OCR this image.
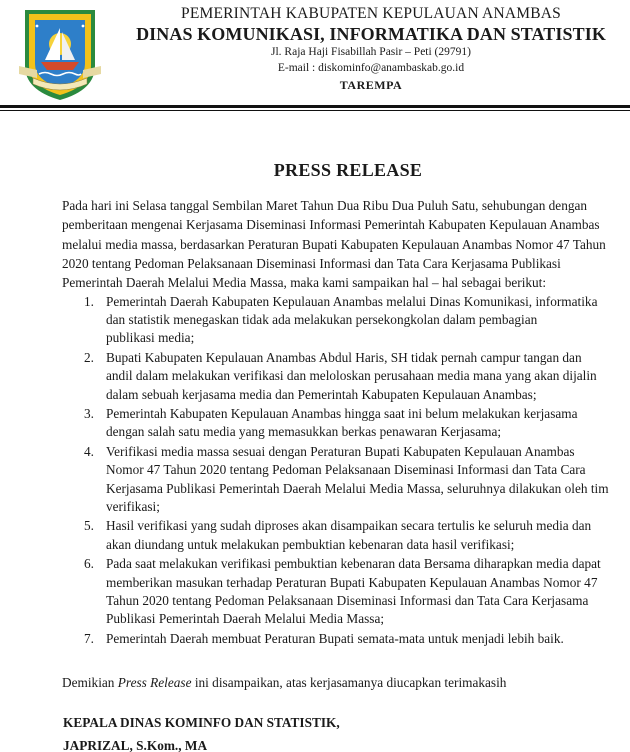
PEMERINTAH KABUPATEN KEPULAUAN ANAMBAS
DINAS KOMUNIKASI, INFORMATIKA DAN STATISTIK
Jl. Raja Haji Fisabillah Pasir – Peti (29791)
E-mail : diskominfo@anambaskab.go.id
TAREMPA
PRESS RELEASE
Pada hari ini Selasa tanggal Sembilan Maret Tahun Dua Ribu Dua Puluh Satu, sehubungan dengan
pemberitaan mengenai Kerjasama Diseminasi Informasi Pemerintah Kabupaten Kepulauan Anambas
melalui media massa, berdasarkan Peraturan Bupati Kabupaten Kepulauan Anambas Nomor 47 Tahun
2020 tentang Pedoman Pelaksanaan Diseminasi Informasi dan Tata Cara Kerjasama Publikasi
Pemerintah Daerah Melalui Media Massa, maka kami sampaikan hal – hal sebagai berikut:
1. Pemerintah Daerah Kabupaten Kepulauan Anambas melalui Dinas Komunikasi, informatika
dan statistik menegaskan tidak ada melakukan persekongkolan dalam pembagian
publikasi media;
2. Bupati Kabupaten Kepulauan Anambas Abdul Haris, SH tidak pernah campur tangan dan
andil dalam melakukan verifikasi dan meloloskan perusahaan media mana yang akan dijalin
dalam sebuah kerjasama media dan Pemerintah Kabupaten Kepulauan Anambas;
3. Pemerintah Kabupaten Kepulauan Anambas hingga saat ini belum melakukan kerjasama
dengan salah satu media yang memasukkan berkas penawaran Kerjasama;
4. Verifikasi media massa sesuai dengan Peraturan Bupati Kabupaten Kepulauan Anambas
Nomor 47 Tahun 2020 tentang Pedoman Pelaksanaan Diseminasi Informasi dan Tata Cara
Kerjasama Publikasi Pemerintah Daerah Melalui Media Massa, seluruhnya dilakukan oleh tim
verifikasi;
5. Hasil verifikasi yang sudah diproses akan disampaikan secara tertulis ke seluruh media dan
akan diundang untuk melakukan pembuktian kebenaran data hasil verifikasi;
6. Pada saat melakukan verifikasi pembuktian kebenaran data Bersama diharapkan media dapat
memberikan masukan terhadap Peraturan Bupati Kabupaten Kepulauan Anambas Nomor 47
Tahun 2020 tentang Pedoman Pelaksanaan Diseminasi Informasi dan Tata Cara Kerjasama
Publikasi Pemerintah Daerah Melalui Media Massa;
7. Pemerintah Daerah membuat Peraturan Bupati semata-mata untuk menjadi lebih baik.
Demikian Press Release ini disampaikan, atas kerjasamanya diucapkan terimakasih
KEPALA DINAS KOMINFO DAN STATISTIK,
JAPRIZAL, S.Kom., MA
